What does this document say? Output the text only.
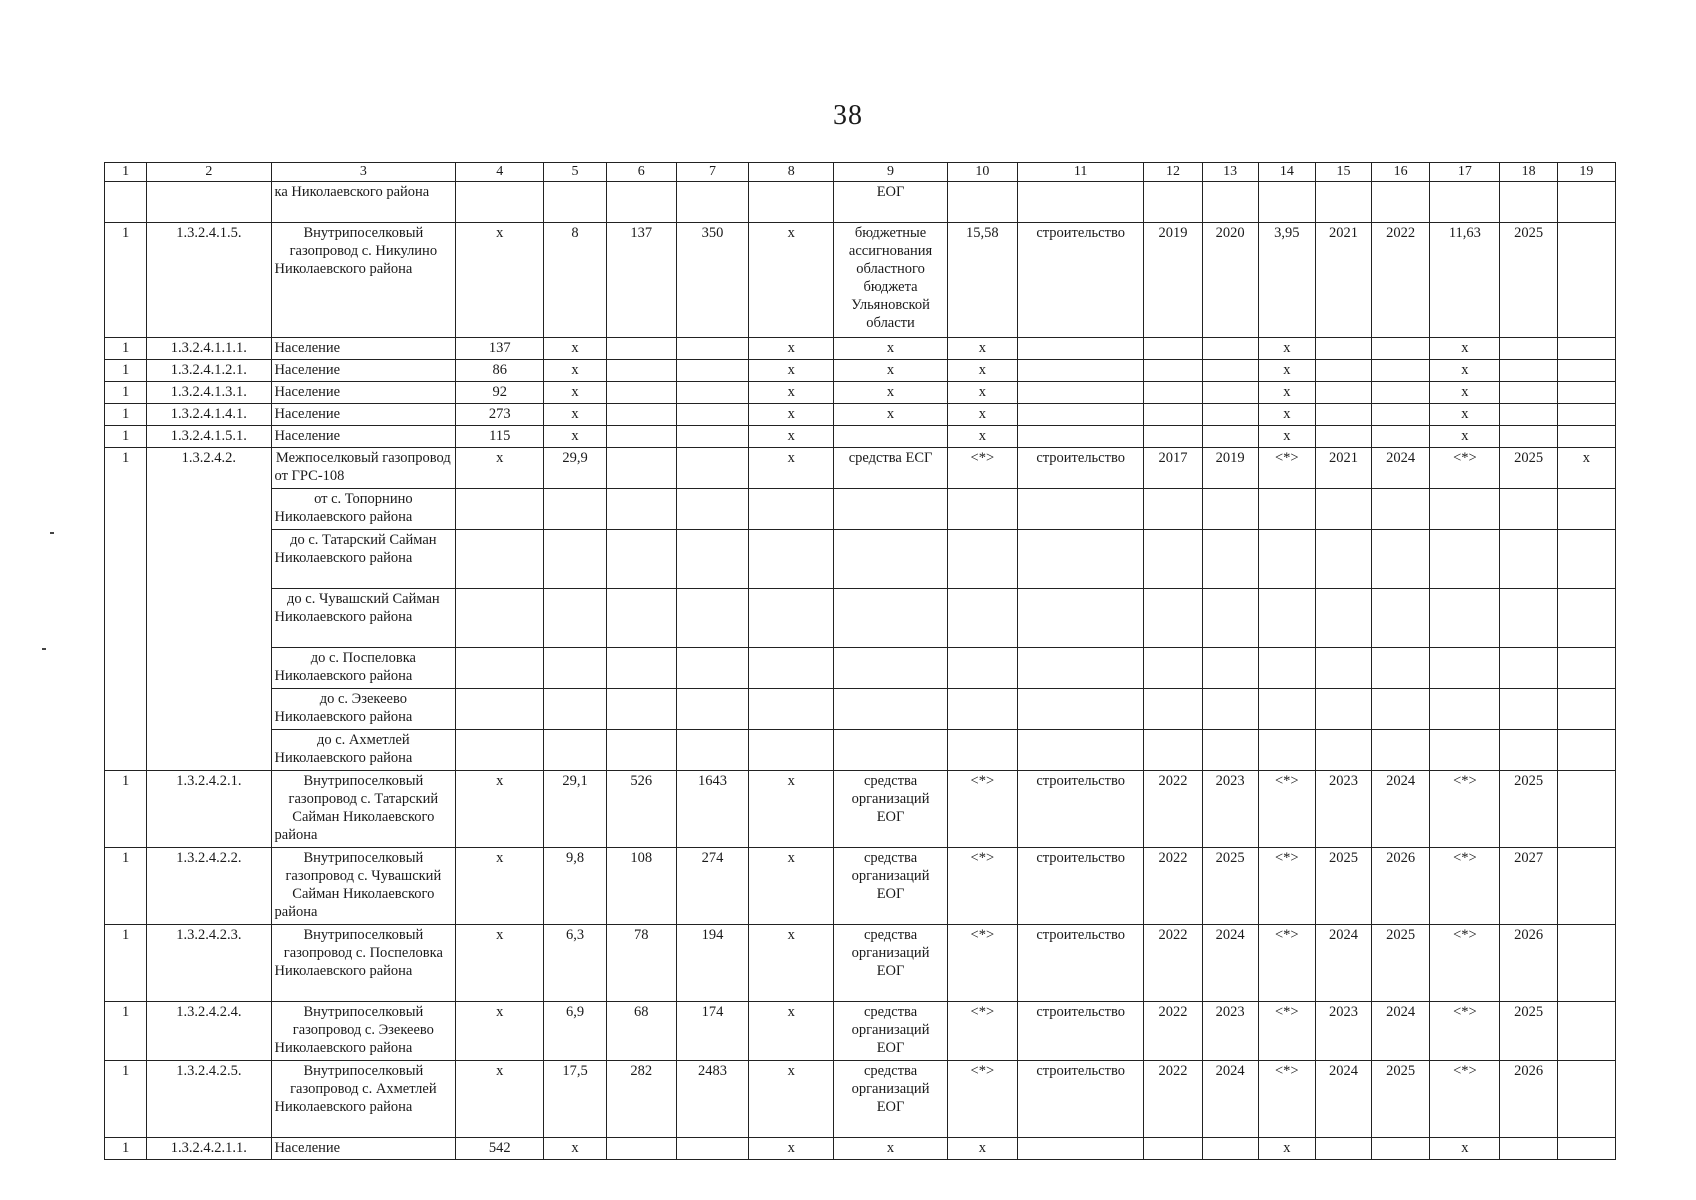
38
1	2	3	4	5	6	7	8	9	10	11	12	13	14	15	16	17	18	19
		ка Николаевского района						ЕОГ										
1	1.3.2.4.1.5.	Внутрипоселковый газопровод с. Никулино Николаевского района	х	8	137	350	х	бюджетные ассигнования областного бюджета Ульяновской области	15,58	строительство	2019	2020	3,95	2021	2022	11,63	2025	
1	1.3.2.4.1.1.1.	Население	137	х			х	х	х				х			х		
1	1.3.2.4.1.2.1.	Население	86	х			х	х	х				х			х		
1	1.3.2.4.1.3.1.	Население	92	х			х	х	х				х			х		
1	1.3.2.4.1.4.1.	Население	273	х			х	х	х				х			х		
1	1.3.2.4.1.5.1.	Население	115	х			х		х				х			х		
1	1.3.2.4.2.	Межпоселковый газопровод от ГРС-108	х	29,9			х	средства ЕСГ	<*>	строительство	2017	2019	<*>	2021	2024	<*>	2025	х
		от с. Топорнино Николаевского района																
		до с. Татарский Сайман Николаевского района																
		до с. Чувашский Сайман Николаевского района																
		до с. Поспеловка Николаевского района																
		до с. Эзекеево Николаевского района																
		до с. Ахметлей Николаевского района																
1	1.3.2.4.2.1.	Внутрипоселковый газопровод с. Татарский Сайман Николаевского района	х	29,1	526	1643	х	средства организаций ЕОГ	<*>	строительство	2022	2023	<*>	2023	2024	<*>	2025	
1	1.3.2.4.2.2.	Внутрипоселковый газопровод с. Чувашский Сайман Николаевского района	х	9,8	108	274	х	средства организаций ЕОГ	<*>	строительство	2022	2025	<*>	2025	2026	<*>	2027	
1	1.3.2.4.2.3.	Внутрипоселковый газопровод с. Поспеловка Николаевского района	х	6,3	78	194	х	средства организаций ЕОГ	<*>	строительство	2022	2024	<*>	2024	2025	<*>	2026	
1	1.3.2.4.2.4.	Внутрипоселковый газопровод с. Эзекеево Николаевского района	х	6,9	68	174	х	средства организаций ЕОГ	<*>	строительство	2022	2023	<*>	2023	2024	<*>	2025	
1	1.3.2.4.2.5.	Внутрипоселковый газопровод с. Ахметлей Николаевского района	х	17,5	282	2483	х	средства организаций ЕОГ	<*>	строительство	2022	2024	<*>	2024	2025	<*>	2026	
1	1.3.2.4.2.1.1.	Население	542	х			х	х	х				х			х		
